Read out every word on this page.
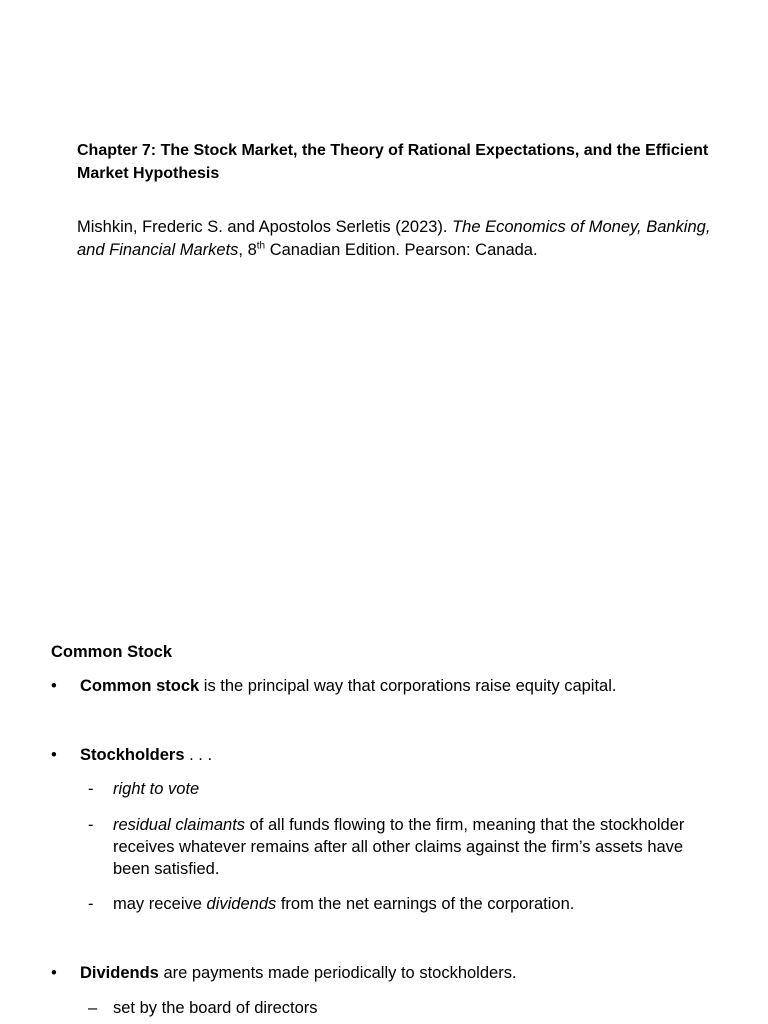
Chapter 7: The Stock Market, the Theory of Rational Expectations, and the Efficient Market Hypothesis
Mishkin, Frederic S. and Apostolos Serletis (2023). The Economics of Money, Banking, and Financial Markets, 8th Canadian Edition. Pearson: Canada.
Common Stock
•	Common stock is the principal way that corporations raise equity capital.
•	Stockholders . . .
-	right to vote
-	residual claimants of all funds flowing to the firm, meaning that the stockholder receives whatever remains after all other claims against the firm’s assets have been satisfied.
-	may receive dividends from the net earnings of the corporation.
•	Dividends are payments made periodically to stockholders.
– set by the board of directors
